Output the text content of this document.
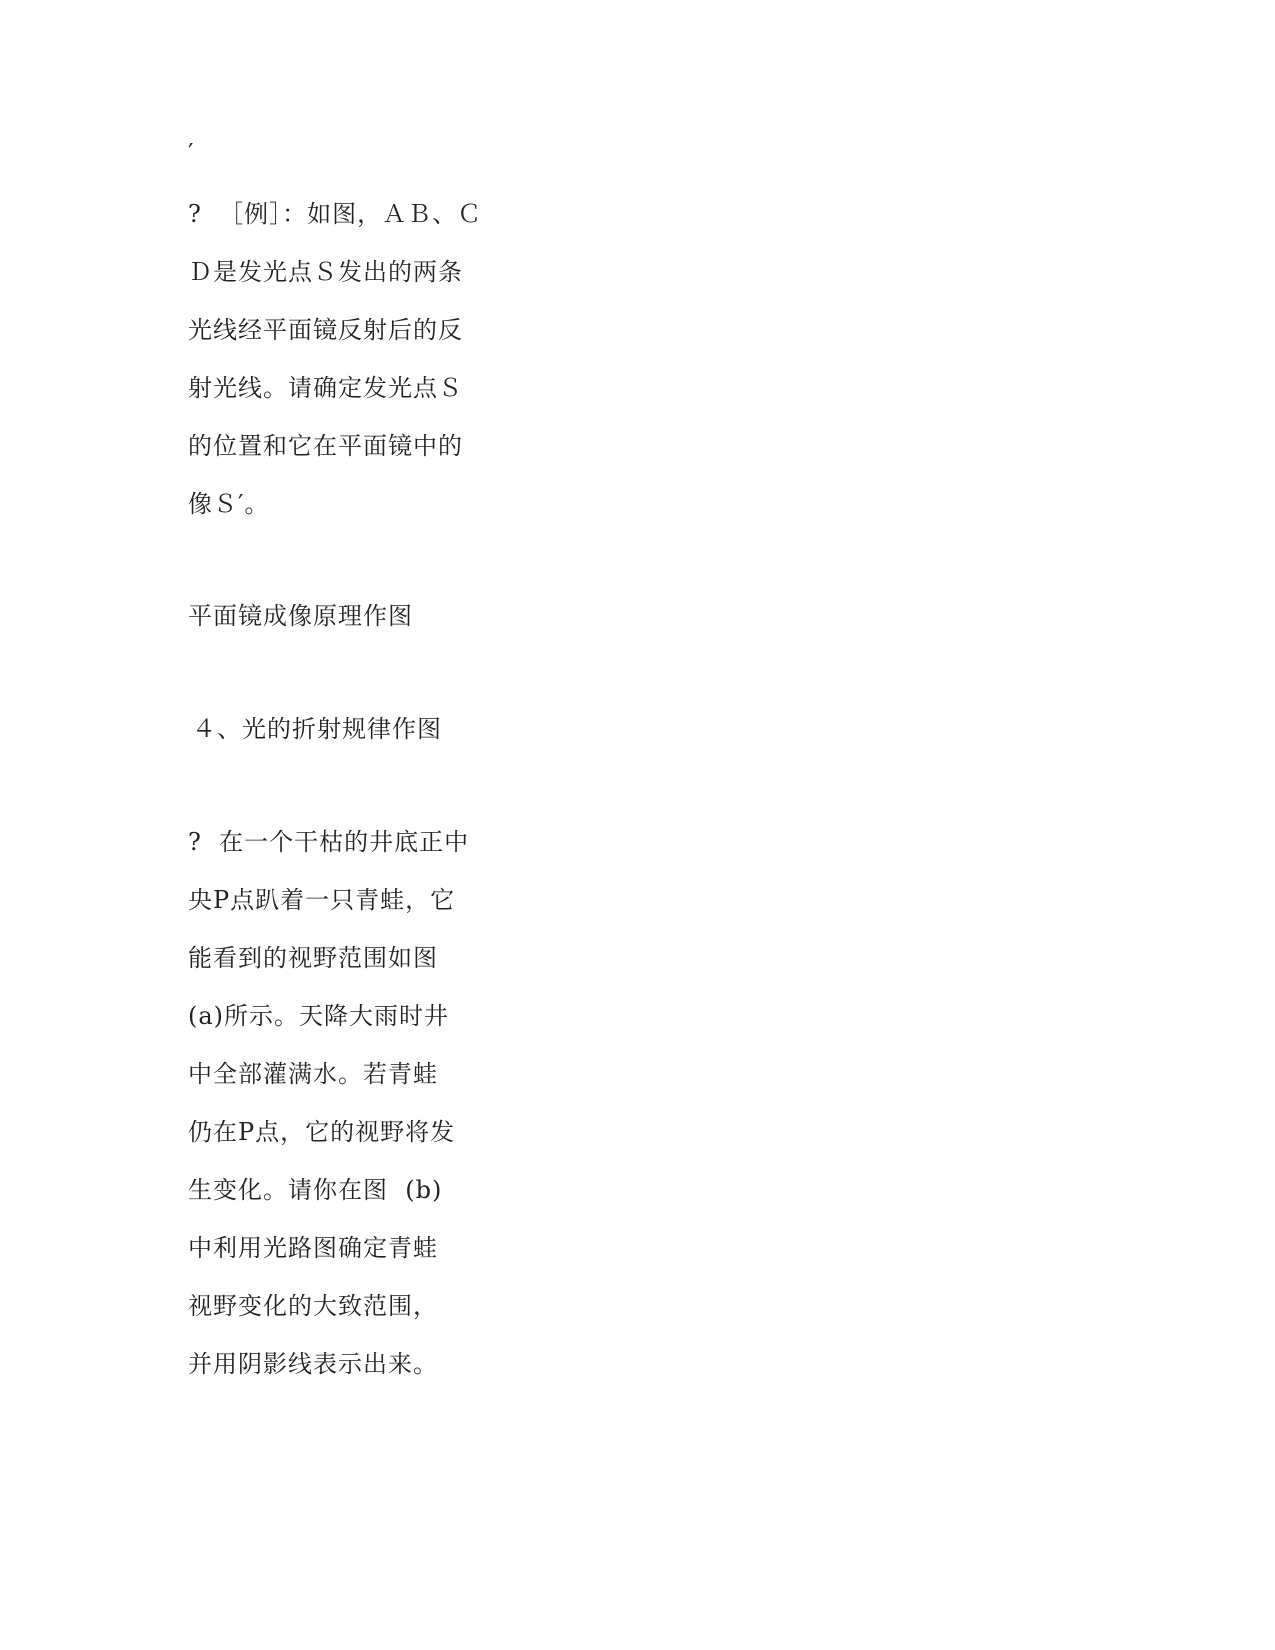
′
?  ［例］：如图，ＡＢ、Ｃ
Ｄ是发光点Ｓ发出的两条
光线经平面镜反射后的反
射光线。请确定发光点Ｓ
的位置和它在平面镜中的
像Ｓ′。
平面镜成像原理作图
４、光的折射规律作图
?  在一个干枯的井底正中
央P点趴着一只青蛙，它
能看到的视野范围如图
(a)所示。天降大雨时井
中全部灌满水。若青蛙
仍在P点，它的视野将发
生变化。请你在图  (b)
中利用光路图确定青蛙
视野变化的大致范围，
并用阴影线表示出来。
